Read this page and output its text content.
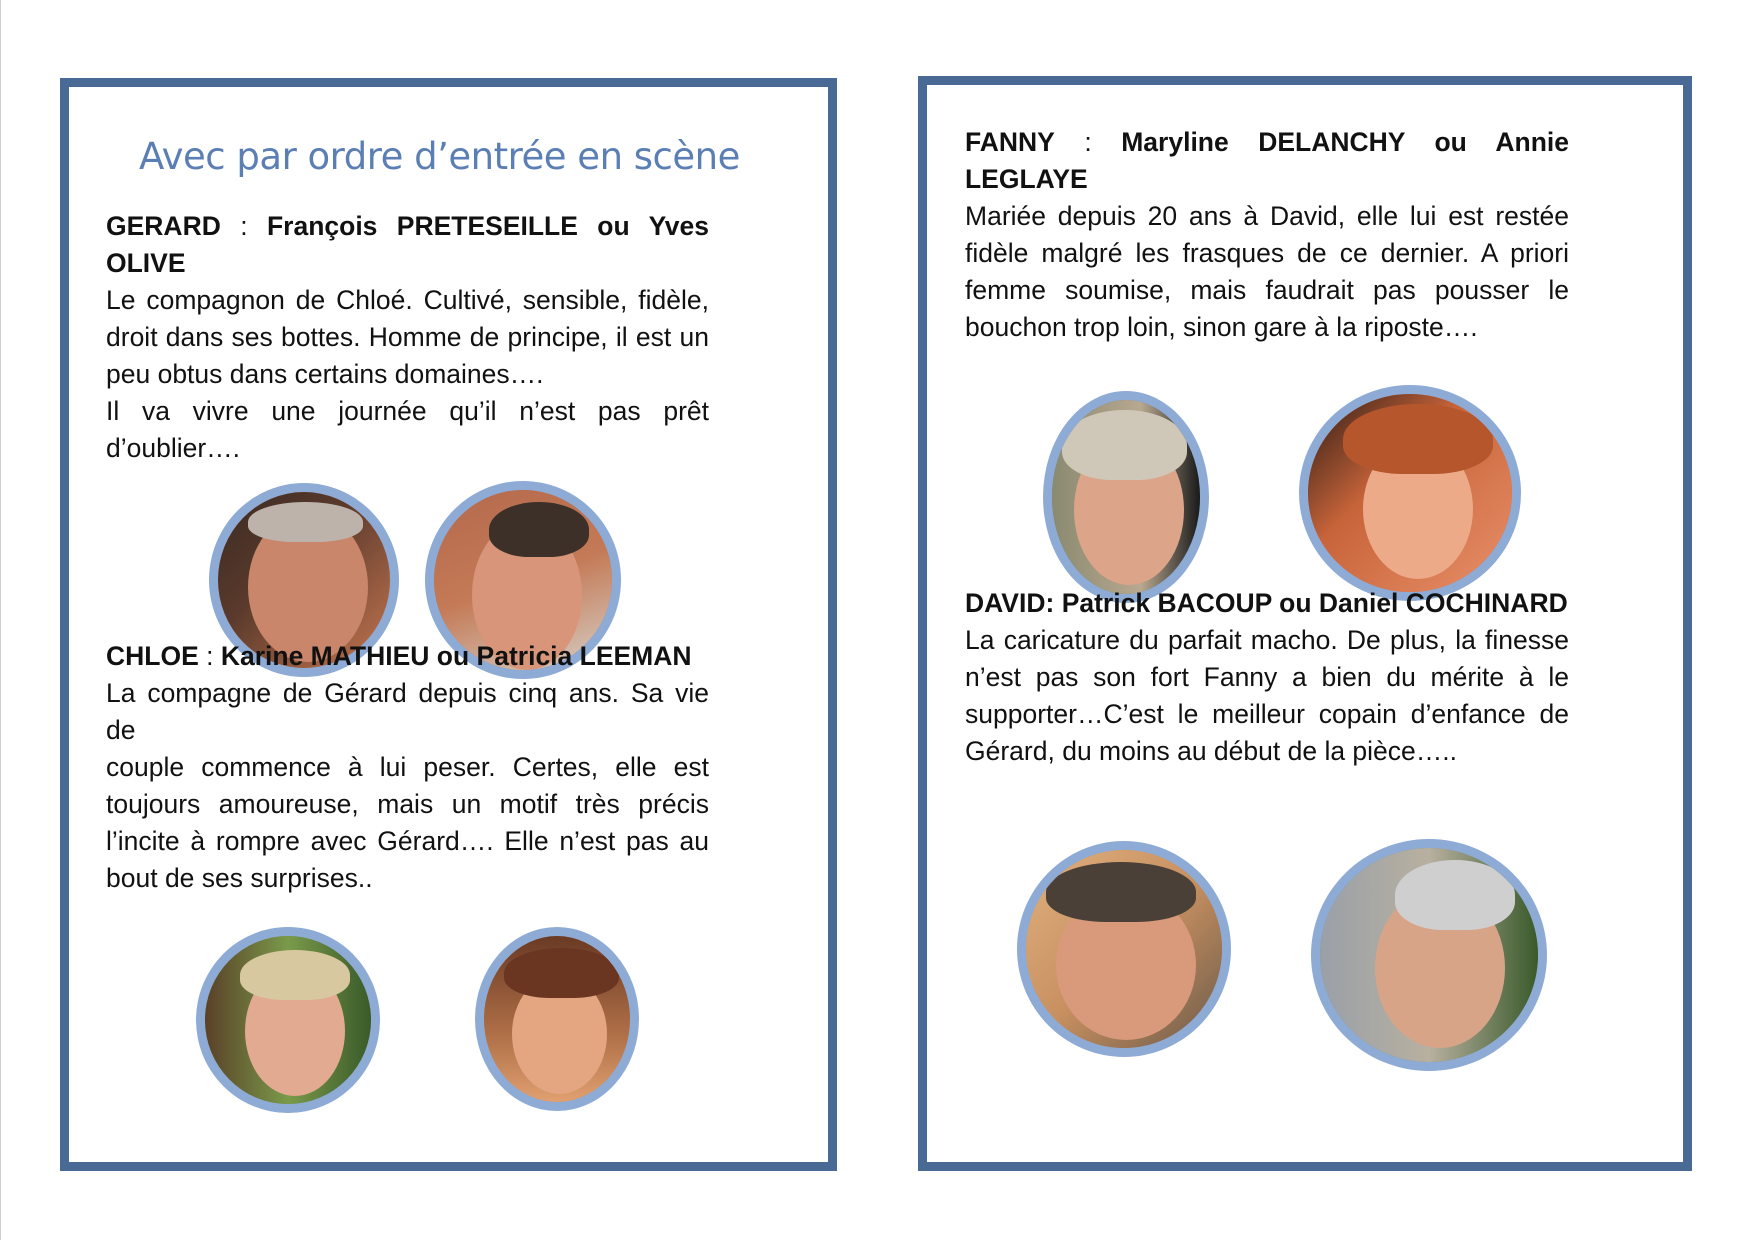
Avec par ordre d’entrée en scène
GERARD : François PRETESEILLE ou Yves
OLIVE
Le compagnon de Chloé. Cultivé, sensible, fidèle,
droit dans ses bottes. Homme de principe, il est un
peu obtus dans certains domaines….
Il va vivre une journée qu’il n’est pas prêt
d’oublier….
CHLOE : Karine MATHIEU ou Patricia LEEMAN
La compagne de Gérard depuis cinq ans. Sa vie de
couple commence à lui peser. Certes, elle est
toujours amoureuse, mais un motif très précis
l’incite à rompre avec Gérard…. Elle n’est pas au
bout de ses surprises..
FANNY : Maryline DELANCHY ou Annie
LEGLAYE
Mariée depuis 20 ans à David, elle lui est restée
fidèle malgré les frasques de ce dernier. A priori
femme soumise, mais faudrait pas pousser le
bouchon trop loin, sinon gare à la riposte….
DAVID: Patrick BACOUP ou Daniel COCHINARD
La caricature du parfait macho. De plus, la finesse
n’est pas son fort Fanny a bien du mérite à le
supporter…C’est le meilleur copain d’enfance de
Gérard, du moins au début de la pièce…..
